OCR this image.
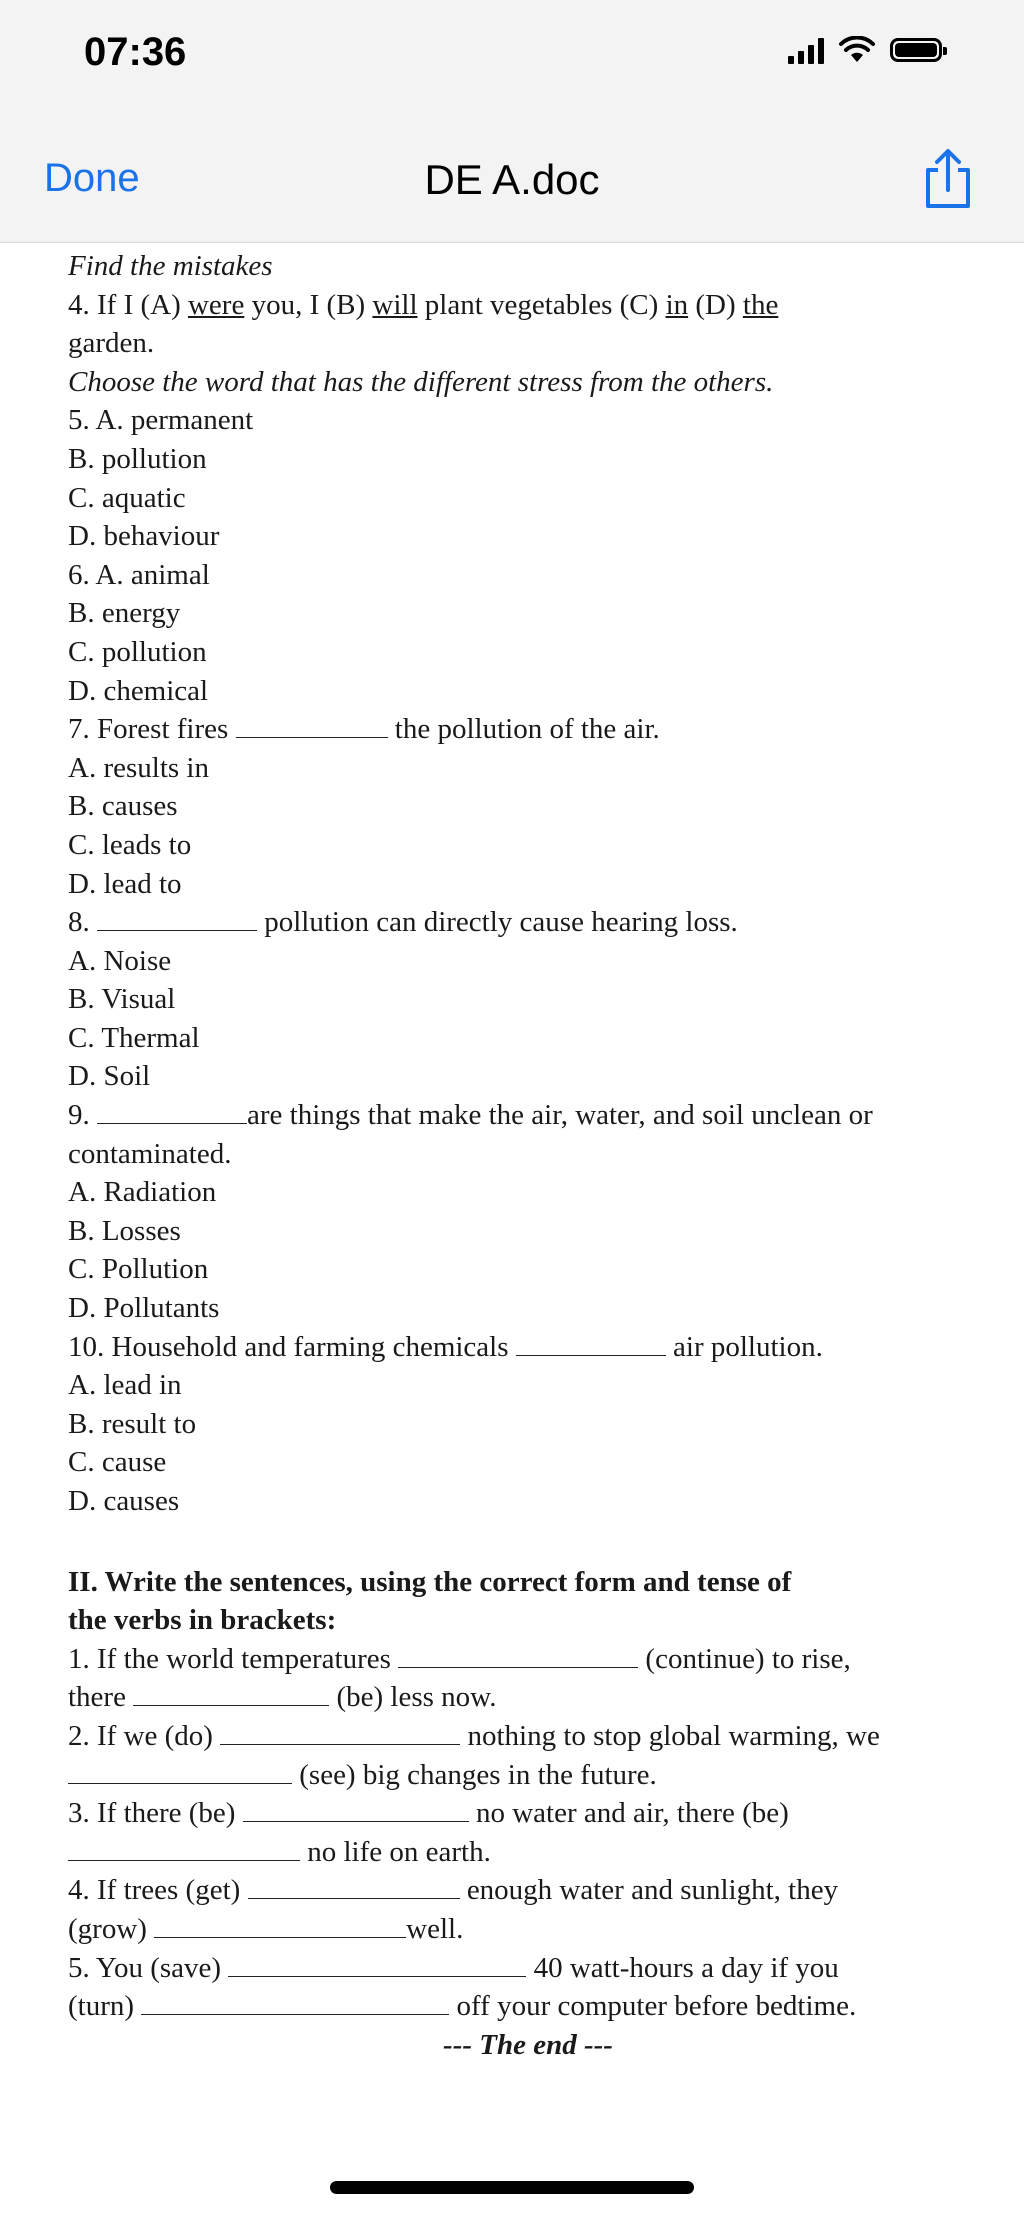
07:36
Done	DE A.doc
Find the mistakes
4. If I (A) were you, I (B) will plant vegetables (C) in (D) the
garden.
Choose the word that has the different stress from the others.
5. A. permanent
B. pollution
C. aquatic
D. behaviour
6. A. animal
B. energy
C. pollution
D. chemical
7. Forest fires	the pollution of the air.
A. results in
B. causes
C. leads to
D. lead to
8.	pollution can directly cause hearing loss.
A. Noise
B. Visual
C. Thermal
D. Soil
9.	are things that make the air, water, and soil unclean or
contaminated.
A. Radiation
B. Losses
C. Pollution
D. Pollutants
10. Household and farming chemicals	air pollution.
A. lead in
B. result to
C. cause
D. causes
II. Write the sentences, using the correct form and tense of
the verbs in brackets:
1. If the world temperatures	(continue) to rise,
there	(be) less now.
2. If we (do)	nothing to stop global warming, we
(see) big changes in the future.
3. If there (be)	no water and air, there (be)
no life on earth.
4. If trees (get)	enough water and sunlight, they
(grow)	well.
5. You (save)	40 watt-hours a day if you
(turn)	off your computer before bedtime.
--- The end ---
